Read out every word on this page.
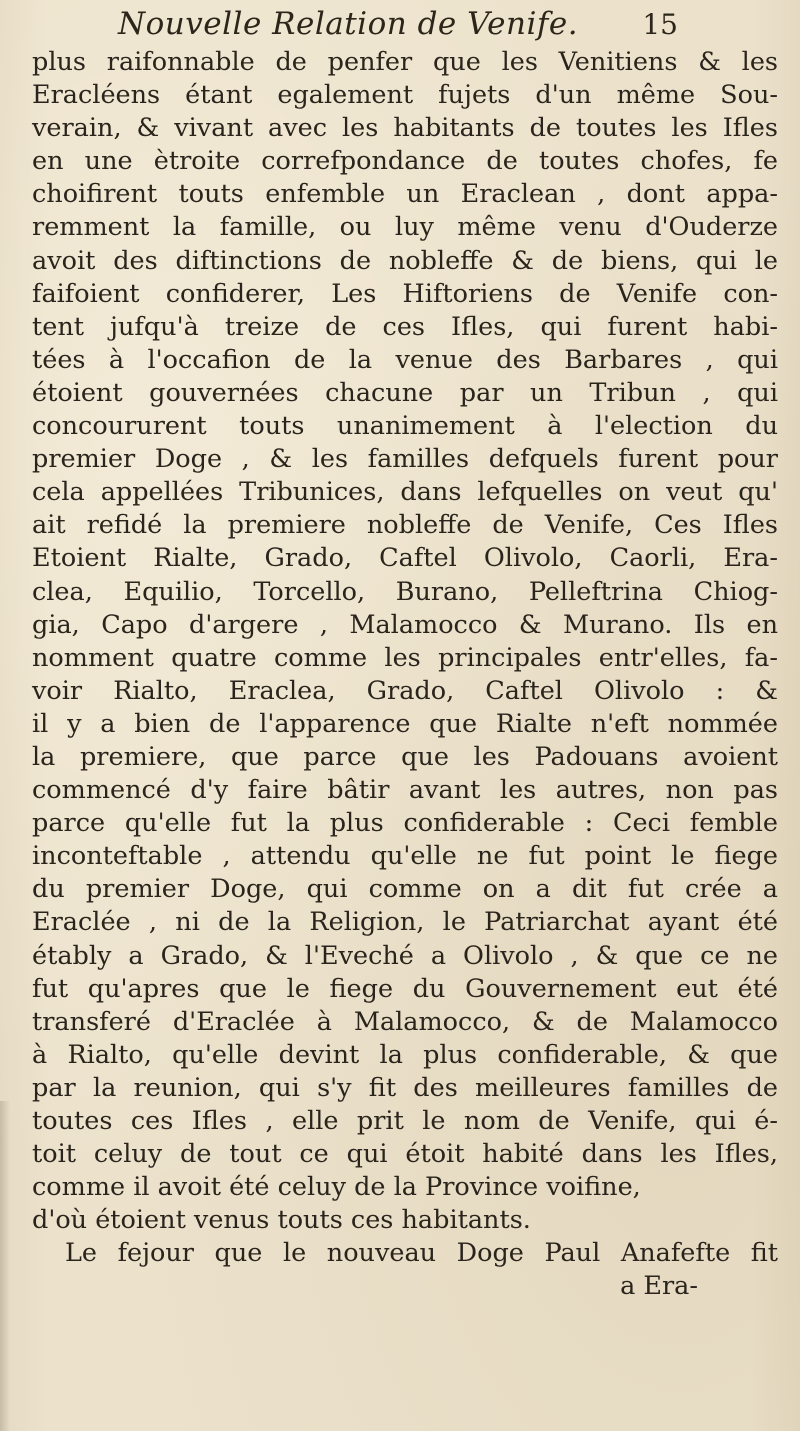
Nouvelle Relation de Venife. 15
plus raifonnable de penfer que les Venitiens & les
Eracléens étant egalement fujets d'un même Sou-
verain, & vivant avec les habitants de toutes les Ifles
en une ètroite correfpondance de toutes chofes, fe
choifirent touts enfemble un Eraclean , dont appa-
remment la famille, ou luy même venu d'Ouderze
avoit des diftinctions de nobleffe & de biens, qui le
faifoient confiderer, Les Hiftoriens de Venife con-
tent jufqu'à treize de ces Ifles, qui furent habi-
tées à l'occafion de la venue des Barbares , qui
étoient gouvernées chacune par un Tribun , qui
concoururent touts unanimement à l'election du
premier Doge , & les familles defquels furent pour
cela appellées Tribunices, dans lefquelles on veut qu'
ait refidé la premiere nobleffe de Venife, Ces Ifles
Etoient Rialte, Grado, Caftel Olivolo, Caorli, Era-
clea, Equilio, Torcello, Burano, Pelleftrina Chiog-
gia, Capo d'argere , Malamocco & Murano. Ils en
nomment quatre comme les principales entr'elles, fa-
voir Rialto, Eraclea, Grado, Caftel Olivolo : &
il y a bien de l'apparence que Rialte n'eft nommée
la premiere, que parce que les Padouans avoient
commencé d'y faire bâtir avant les autres, non pas
parce qu'elle fut la plus confiderable : Ceci femble
inconteftable , attendu qu'elle ne fut point le fiege
du premier Doge, qui comme on a dit fut crée a
Eraclée , ni de la Religion, le Patriarchat ayant été
étably a Grado, & l'Eveché a Olivolo , & que ce ne
fut qu'apres que le fiege du Gouvernement eut été
transferé d'Eraclée à Malamocco, & de Malamocco
à Rialto, qu'elle devint la plus confiderable, & que
par la reunion, qui s'y fit des meilleures familles de
toutes ces Ifles , elle prit le nom de Venife, qui é-
toit celuy de tout ce qui étoit habité dans les Ifles,
comme il avoit été celuy de la Province voifine,
d'où étoient venus touts ces habitants.
Le fejour que le nouveau Doge Paul Anafefte fit
a Era-
